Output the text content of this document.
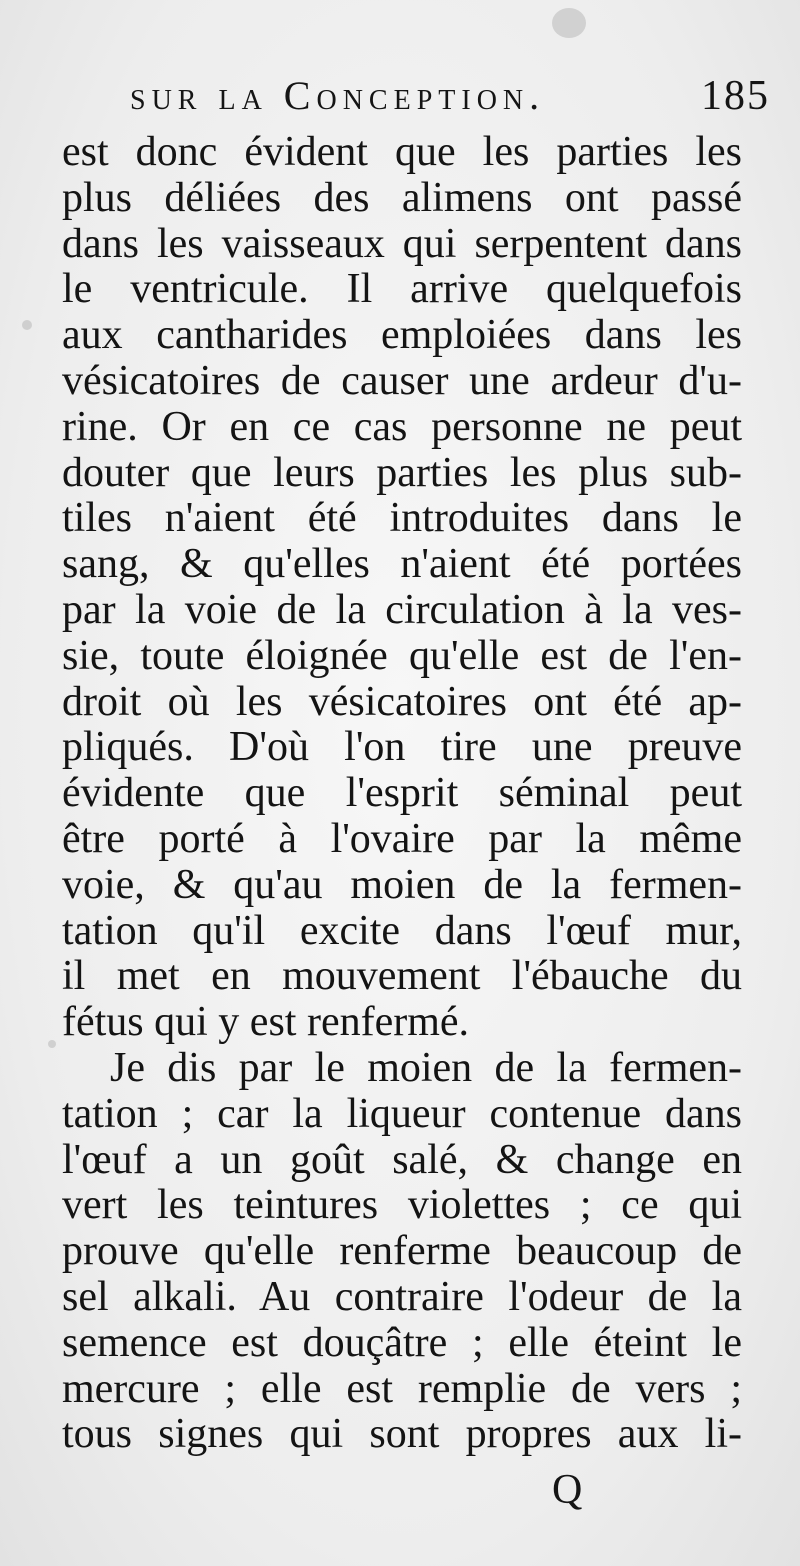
sur la Conception.	185
est donc évident que les parties les
plus déliées des alimens ont passé
dans les vaisseaux qui serpentent dans
le ventricule. Il arrive quelquefois
aux cantharides emploiées dans les
vésicatoires de causer une ardeur d'u-
rine. Or en ce cas personne ne peut
douter que leurs parties les plus sub-
tiles n'aient été introduites dans le
sang, & qu'elles n'aient été portées
par la voie de la circulation à la ves-
sie, toute éloignée qu'elle est de l'en-
droit où les vésicatoires ont été ap-
pliqués. D'où l'on tire une preuve
évidente que l'esprit séminal peut
être porté à l'ovaire par la même
voie, & qu'au moien de la fermen-
tation qu'il excite dans l'œuf mur,
il met en mouvement l'ébauche du
fétus qui y est renfermé.
Je dis par le moien de la fermen-
tation ; car la liqueur contenue dans
l'œuf a un goût salé, & change en
vert les teintures violettes ; ce qui
prouve qu'elle renferme beaucoup de
sel alkali. Au contraire l'odeur de la
semence est douçâtre ; elle éteint le
mercure ; elle est remplie de vers ;
tous signes qui sont propres aux li-
Q
